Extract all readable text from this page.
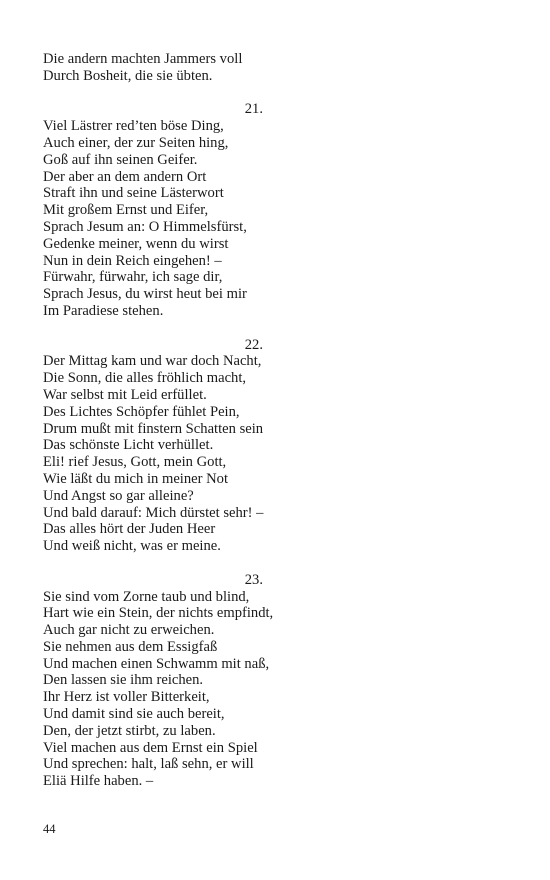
Die andern machten Jammers voll
Durch Bosheit, die sie übten.
21.
Viel Lästrer red’ten böse Ding,
Auch einer, der zur Seiten hing,
Goß auf ihn seinen Geifer.
Der aber an dem andern Ort
Straft ihn und seine Lästerwort
Mit großem Ernst und Eifer,
Sprach Jesum an: O Himmelsfürst,
Gedenke meiner, wenn du wirst
Nun in dein Reich eingehen! –
Fürwahr, fürwahr, ich sage dir,
Sprach Jesus, du wirst heut bei mir
Im Paradiese stehen.
22.
Der Mittag kam und war doch Nacht,
Die Sonn, die alles fröhlich macht,
War selbst mit Leid erfüllet.
Des Lichtes Schöpfer fühlet Pein,
Drum mußt mit finstern Schatten sein
Das schönste Licht verhüllet.
Eli! rief Jesus, Gott, mein Gott,
Wie läßt du mich in meiner Not
Und Angst so gar alleine?
Und bald darauf: Mich dürstet sehr! –
Das alles hört der Juden Heer
Und weiß nicht, was er meine.
23.
Sie sind vom Zorne taub und blind,
Hart wie ein Stein, der nichts empfindt,
Auch gar nicht zu erweichen.
Sie nehmen aus dem Essigfaß
Und machen einen Schwamm mit naß,
Den lassen sie ihm reichen.
Ihr Herz ist voller Bitterkeit,
Und damit sind sie auch bereit,
Den, der jetzt stirbt, zu laben.
Viel machen aus dem Ernst ein Spiel
Und sprechen: halt, laß sehn, er will
Eliä Hilfe haben. –
44
